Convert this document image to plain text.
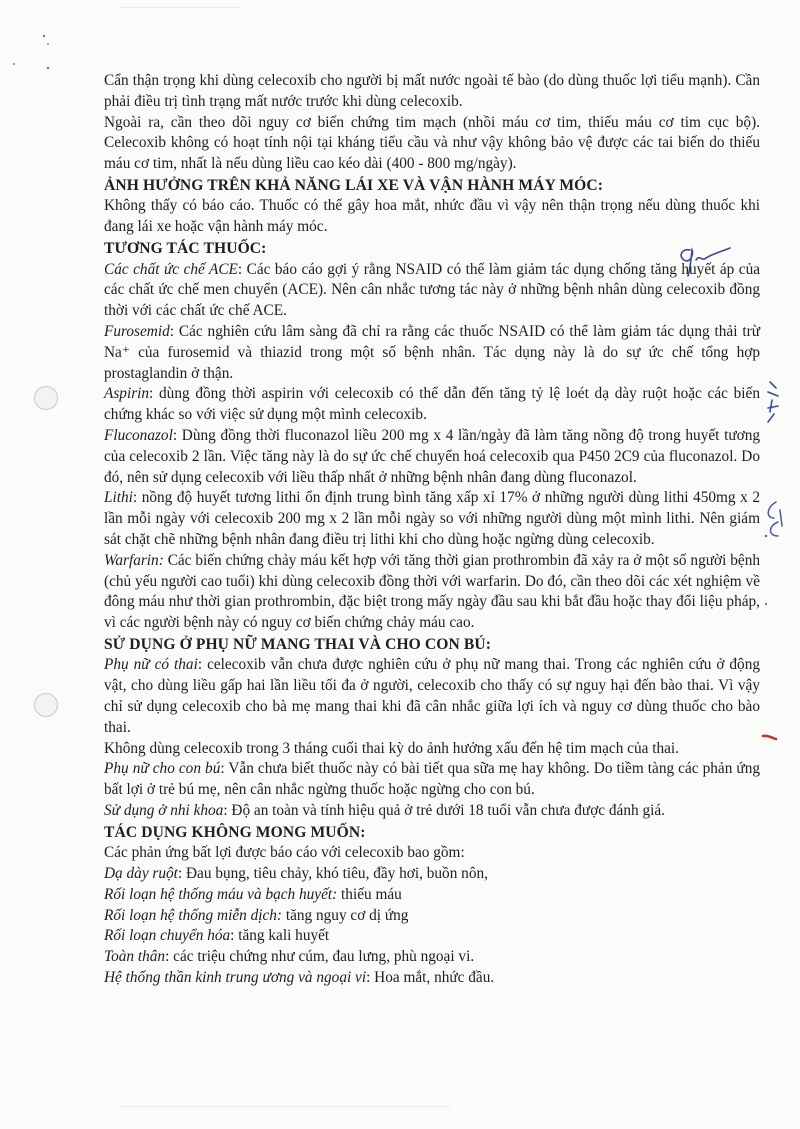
Cẩn thận trọng khi dùng celecoxib cho người bị mất nước ngoài tế bào (do dùng thuốc lợi tiểu mạnh). Cần phải điều trị tình trạng mất nước trước khi dùng celecoxib.

Ngoài ra, cần theo dõi nguy cơ biến chứng tim mạch (nhồi máu cơ tim, thiếu máu cơ tim cục bộ). Celecoxib không có hoạt tính nội tại kháng tiểu cầu và như vậy không bảo vệ được các tai biến do thiếu máu cơ tim, nhất là nếu dùng liều cao kéo dài (400 - 800 mg/ngày).

ẢNH HƯỞNG TRÊN KHẢ NĂNG LÁI XE VÀ VẬN HÀNH MÁY MÓC:

Không thấy có báo cáo. Thuốc có thể gây hoa mắt, nhức đầu vì vậy nên thận trọng nếu dùng thuốc khi đang lái xe hoặc vận hành máy móc.

TƯƠNG TÁC THUỐC:

Các chất ức chế ACE: Các báo cáo gợi ý rằng NSAID có thể làm giảm tác dụng chống tăng huyết áp của các chất ức chế men chuyển (ACE). Nên cân nhắc tương tác này ở những bệnh nhân dùng celecoxib đồng thời với các chất ức chế ACE.

Furosemid: Các nghiên cứu lâm sàng đã chỉ ra rằng các thuốc NSAID có thể làm giảm tác dụng thải trừ Na⁺ của furosemid và thiazid trong một số bệnh nhân. Tác dụng này là do sự ức chế tổng hợp prostaglandin ở thận.

Aspirin: dùng đồng thời aspirin với celecoxib có thể dẫn đến tăng tỷ lệ loét dạ dày ruột hoặc các biến chứng khác so với việc sử dụng một mình celecoxib.

Fluconazol: Dùng đồng thời fluconazol liều 200 mg x 4 lần/ngày đã làm tăng nồng độ trong huyết tương của celecoxib 2 lần. Việc tăng này là do sự ức chế chuyển hoá celecoxib qua P450 2C9 của fluconazol. Do đó, nên sử dụng celecoxib với liều thấp nhất ở những bệnh nhân đang dùng fluconazol.

Lithi: nồng độ huyết tương lithi ổn định trung bình tăng xấp xỉ 17% ở những người dùng lithi 450mg x 2 lần mỗi ngày với celecoxib 200 mg x 2 lần mỗi ngày so với những người dùng một mình lithi. Nên giám sát chặt chẽ những bệnh nhân đang điều trị lithi khi cho dùng hoặc ngừng dùng celecoxib.

Warfarin: Các biến chứng chảy máu kết hợp với tăng thời gian prothrombin đã xảy ra ở một số người bệnh (chủ yếu người cao tuổi) khi dùng celecoxib đồng thời với warfarin. Do đó, cần theo dõi các xét nghiệm về đông máu như thời gian prothrombin, đặc biệt trong mấy ngày đầu sau khi bắt đầu hoặc thay đổi liệu pháp, vì các người bệnh này có nguy cơ biến chứng chảy máu cao.

SỬ DỤNG Ở PHỤ NỮ MANG THAI VÀ CHO CON BÚ:

Phụ nữ có thai: celecoxib vẫn chưa được nghiên cứu ở phụ nữ mang thai. Trong các nghiên cứu ở động vật, cho dùng liều gấp hai lần liều tối đa ở người, celecoxib cho thấy có sự nguy hại đến bào thai. Vì vậy chỉ sử dụng celecoxib cho bà mẹ mang thai khi đã cân nhắc giữa lợi ích và nguy cơ dùng thuốc cho bào thai.

Không dùng celecoxib trong 3 tháng cuối thai kỳ do ảnh hưởng xấu đến hệ tim mạch của thai.

Phụ nữ cho con bú: Vẫn chưa biết thuốc này có bài tiết qua sữa mẹ hay không. Do tiềm tàng các phản ứng bất lợi ở trẻ bú mẹ, nên cân nhắc ngừng thuốc hoặc ngừng cho con bú.

Sử dụng ở nhi khoa: Độ an toàn và tính hiệu quả ở trẻ dưới 18 tuổi vẫn chưa được đánh giá.

TÁC DỤNG KHÔNG MONG MUỐN:

Các phản ứng bất lợi được báo cáo với celecoxib bao gồm:

Dạ dày ruột: Đau bụng, tiêu chảy, khó tiêu, đầy hơi, buồn nôn,

Rối loạn hệ thống máu và bạch huyết: thiếu máu

Rối loạn hệ thống miễn dịch: tăng nguy cơ dị ứng

Rối loạn chuyển hóa: tăng kali huyết

Toàn thân: các triệu chứng như cúm, đau lưng, phù ngoại vi.

Hệ thống thần kinh trung ương và ngoại vi: Hoa mắt, nhức đầu.
